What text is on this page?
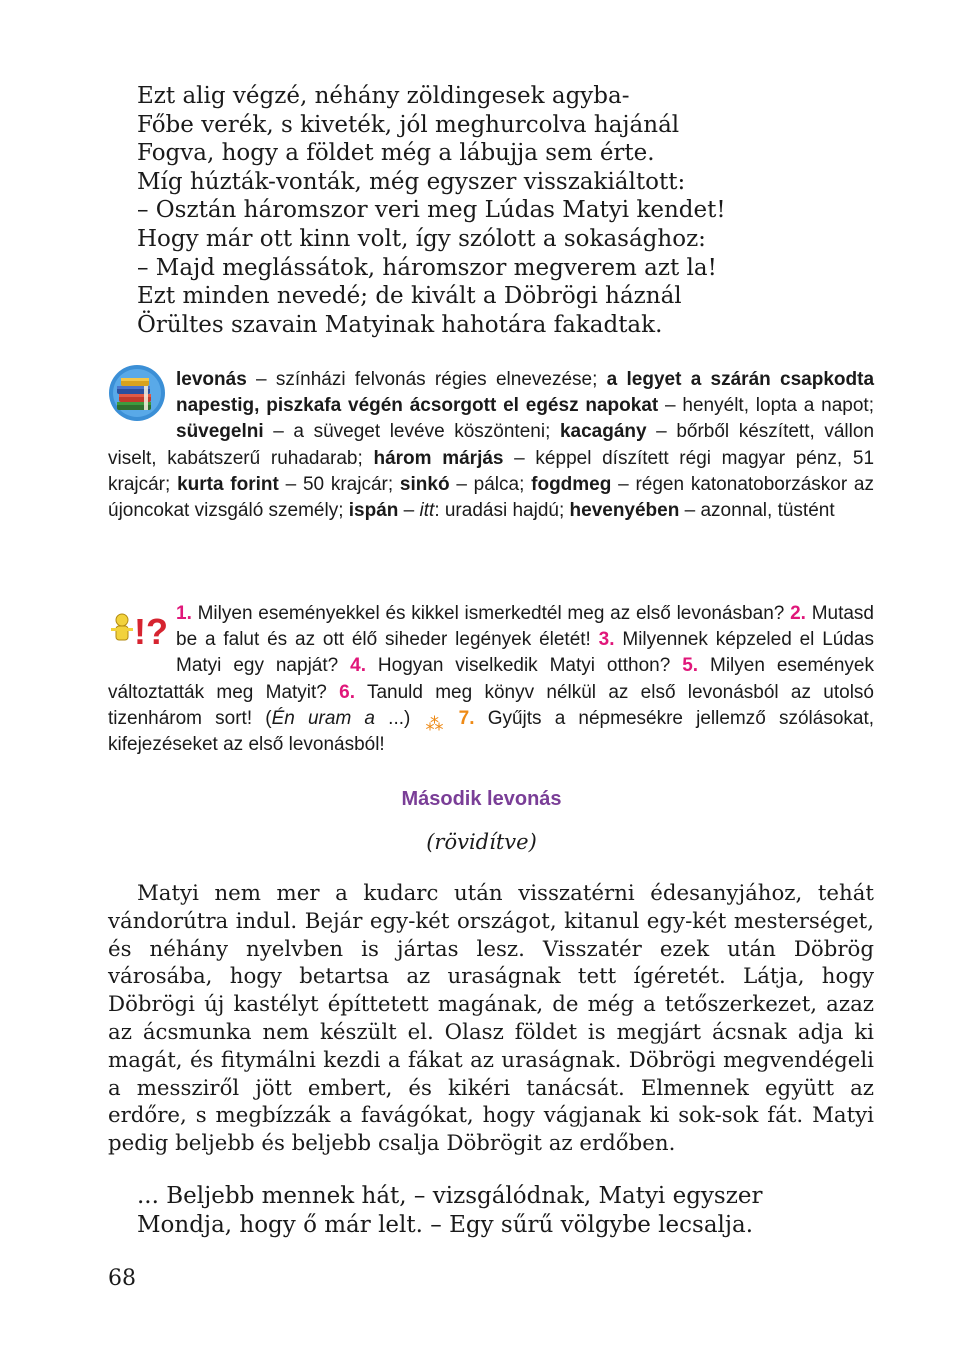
Ezt alig végzé, néhány zöldingesek agyba-
Főbe verék, s kiveték, jól meghurcolva hajánál
Fogva, hogy a földet még a lábujja sem érte.
Míg húzták-vonták, még egyszer visszakiáltott:
– Osztán háromszor veri meg Lúdas Matyi kendet!
Hogy már ott kinn volt, így szólott a sokasághoz:
– Majd meglássátok, háromszor megverem azt la!
Ezt minden nevedé; de kivált a Döbrögi háznál
Örültes szavain Matyinak hahotára fakadtak.

levonás – színházi felvonás régies elnevezése; a legyet a szárán csapkodta napestig, piszkafa végén ácsorgott el egész napokat – henyélt, lopta a napot; süvegelni – a süveget levéve köszönteni; kacagány – bőrből készített, vállon viselt, kabátszerű ruhadarab; három márjás – képpel díszített régi magyar pénz, 51 krajcár; kurta forint – 50 krajcár; sinkó – pálca; fogdmeg – régen katonatoborzáskor az újoncokat vizsgáló személy; ispán – itt: uradási hajdú; hevenyében – azonnal, tüstént

!? 1. Milyen eseményekkel és kikkel ismerkedtél meg az első levonásban? 2. Mutasd be a falut és az ott élő siheder legények életét! 3. Milyennek képzeled el Lúdas Matyi egy napját? 4. Hogyan viselkedik Matyi otthon? 5. Milyen események változtatták meg Matyit? 6. Tanuld meg könyv nélkül az első levonásból az utolsó tizenhárom sort! (Én uram a ...) ⁂ 7. Gyűjts a népmesékre jellemző szólásokat, kifejezéseket az első levonásból!

Második levonás
(rövidítve)

Matyi nem mer a kudarc után visszatérni édesanyjához, tehát vándorútra indul. Bejár egy-két országot, kitanul egy-két mesterséget, és néhány nyelvben is jártas lesz. Visszatér ezek után Döbrög városába, hogy betartsa az uraságnak tett ígéretét. Látja, hogy Döbrögi új kastélyt építtetett magának, de még a tetőszerkezet, azaz az ácsmunka nem készült el. Olasz földet is megjárt ácsnak adja ki magát, és fitymálni kezdi a fákat az uraságnak. Döbrögi megvendégeli a messziről jött embert, és kikéri tanácsát. Elmennek együtt az erdőre, s megbízzák a favágókat, hogy vágjanak ki sok-sok fát. Matyi pedig beljebb és beljebb csalja Döbrögit az erdőben.

... Beljebb mennek hát, – vizsgálódnak, Matyi egyszer
Mondja, hogy ő már lelt. – Egy sűrű völgybe lecsalja.
68
